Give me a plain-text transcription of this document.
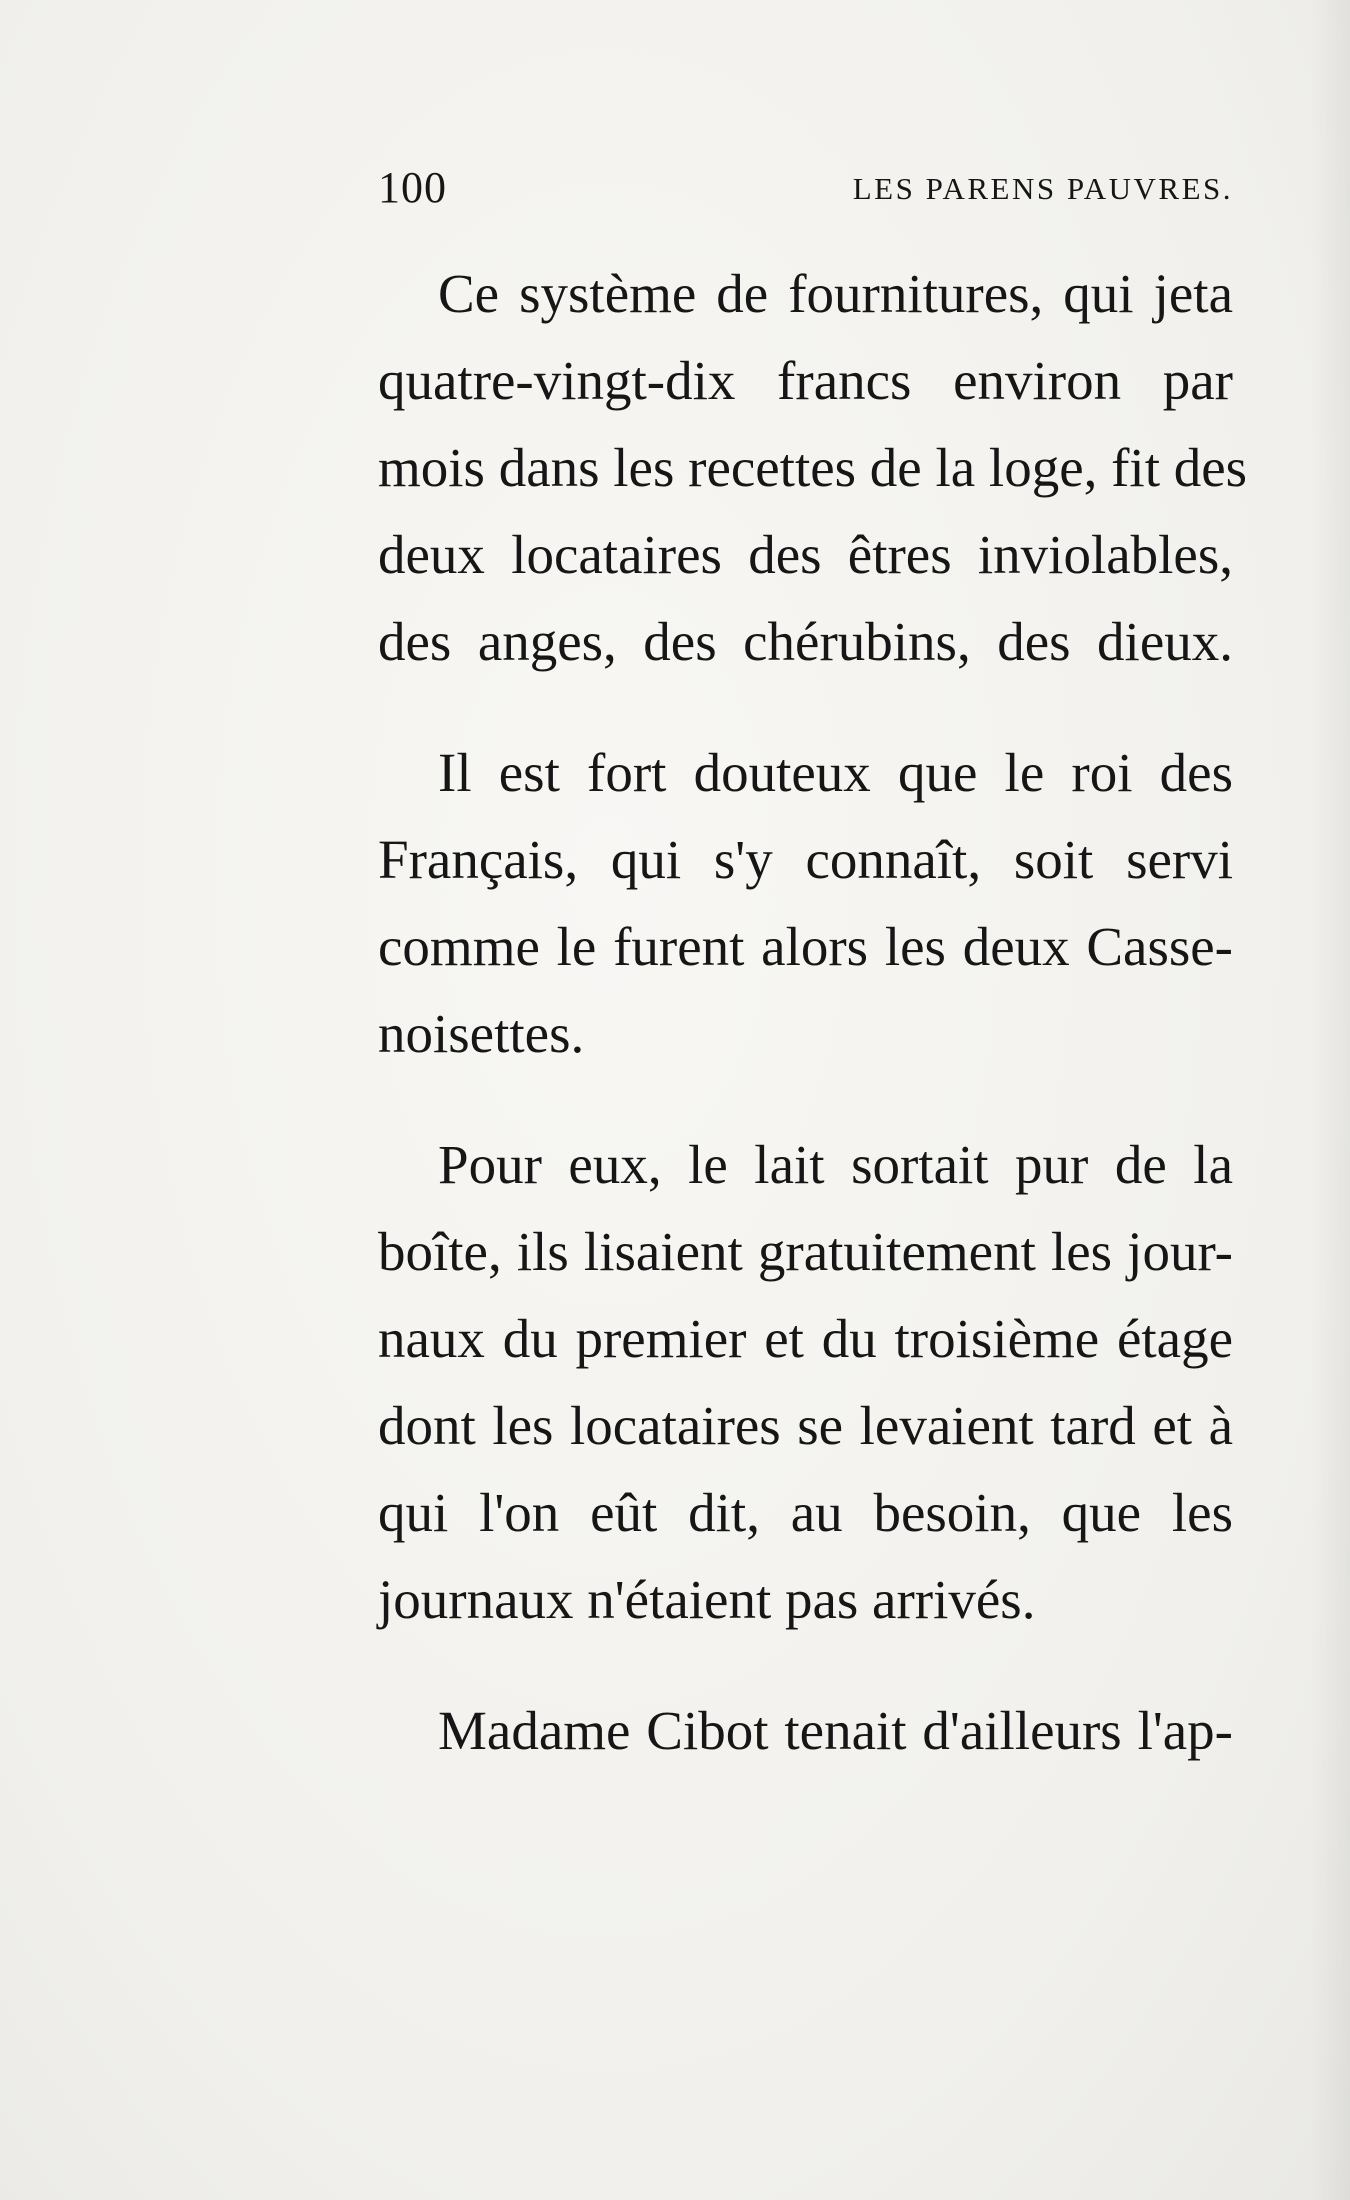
100	LES PARENS PAUVRES.
Ce système de fournitures, qui jeta
quatre-vingt-dix francs environ par
mois dans les recettes de la loge, fit des
deux locataires des êtres inviolables,
des anges, des chérubins, des dieux.
Il est fort douteux que le roi des
Français, qui s'y connaît, soit servi
comme le furent alors les deux Casse-
noisettes.
Pour eux, le lait sortait pur de la
boîte, ils lisaient gratuitement les jour-
naux du premier et du troisième étage
dont les locataires se levaient tard et à
qui l'on eût dit, au besoin, que les
journaux n'étaient pas arrivés.
Madame Cibot tenait d'ailleurs l'ap-
